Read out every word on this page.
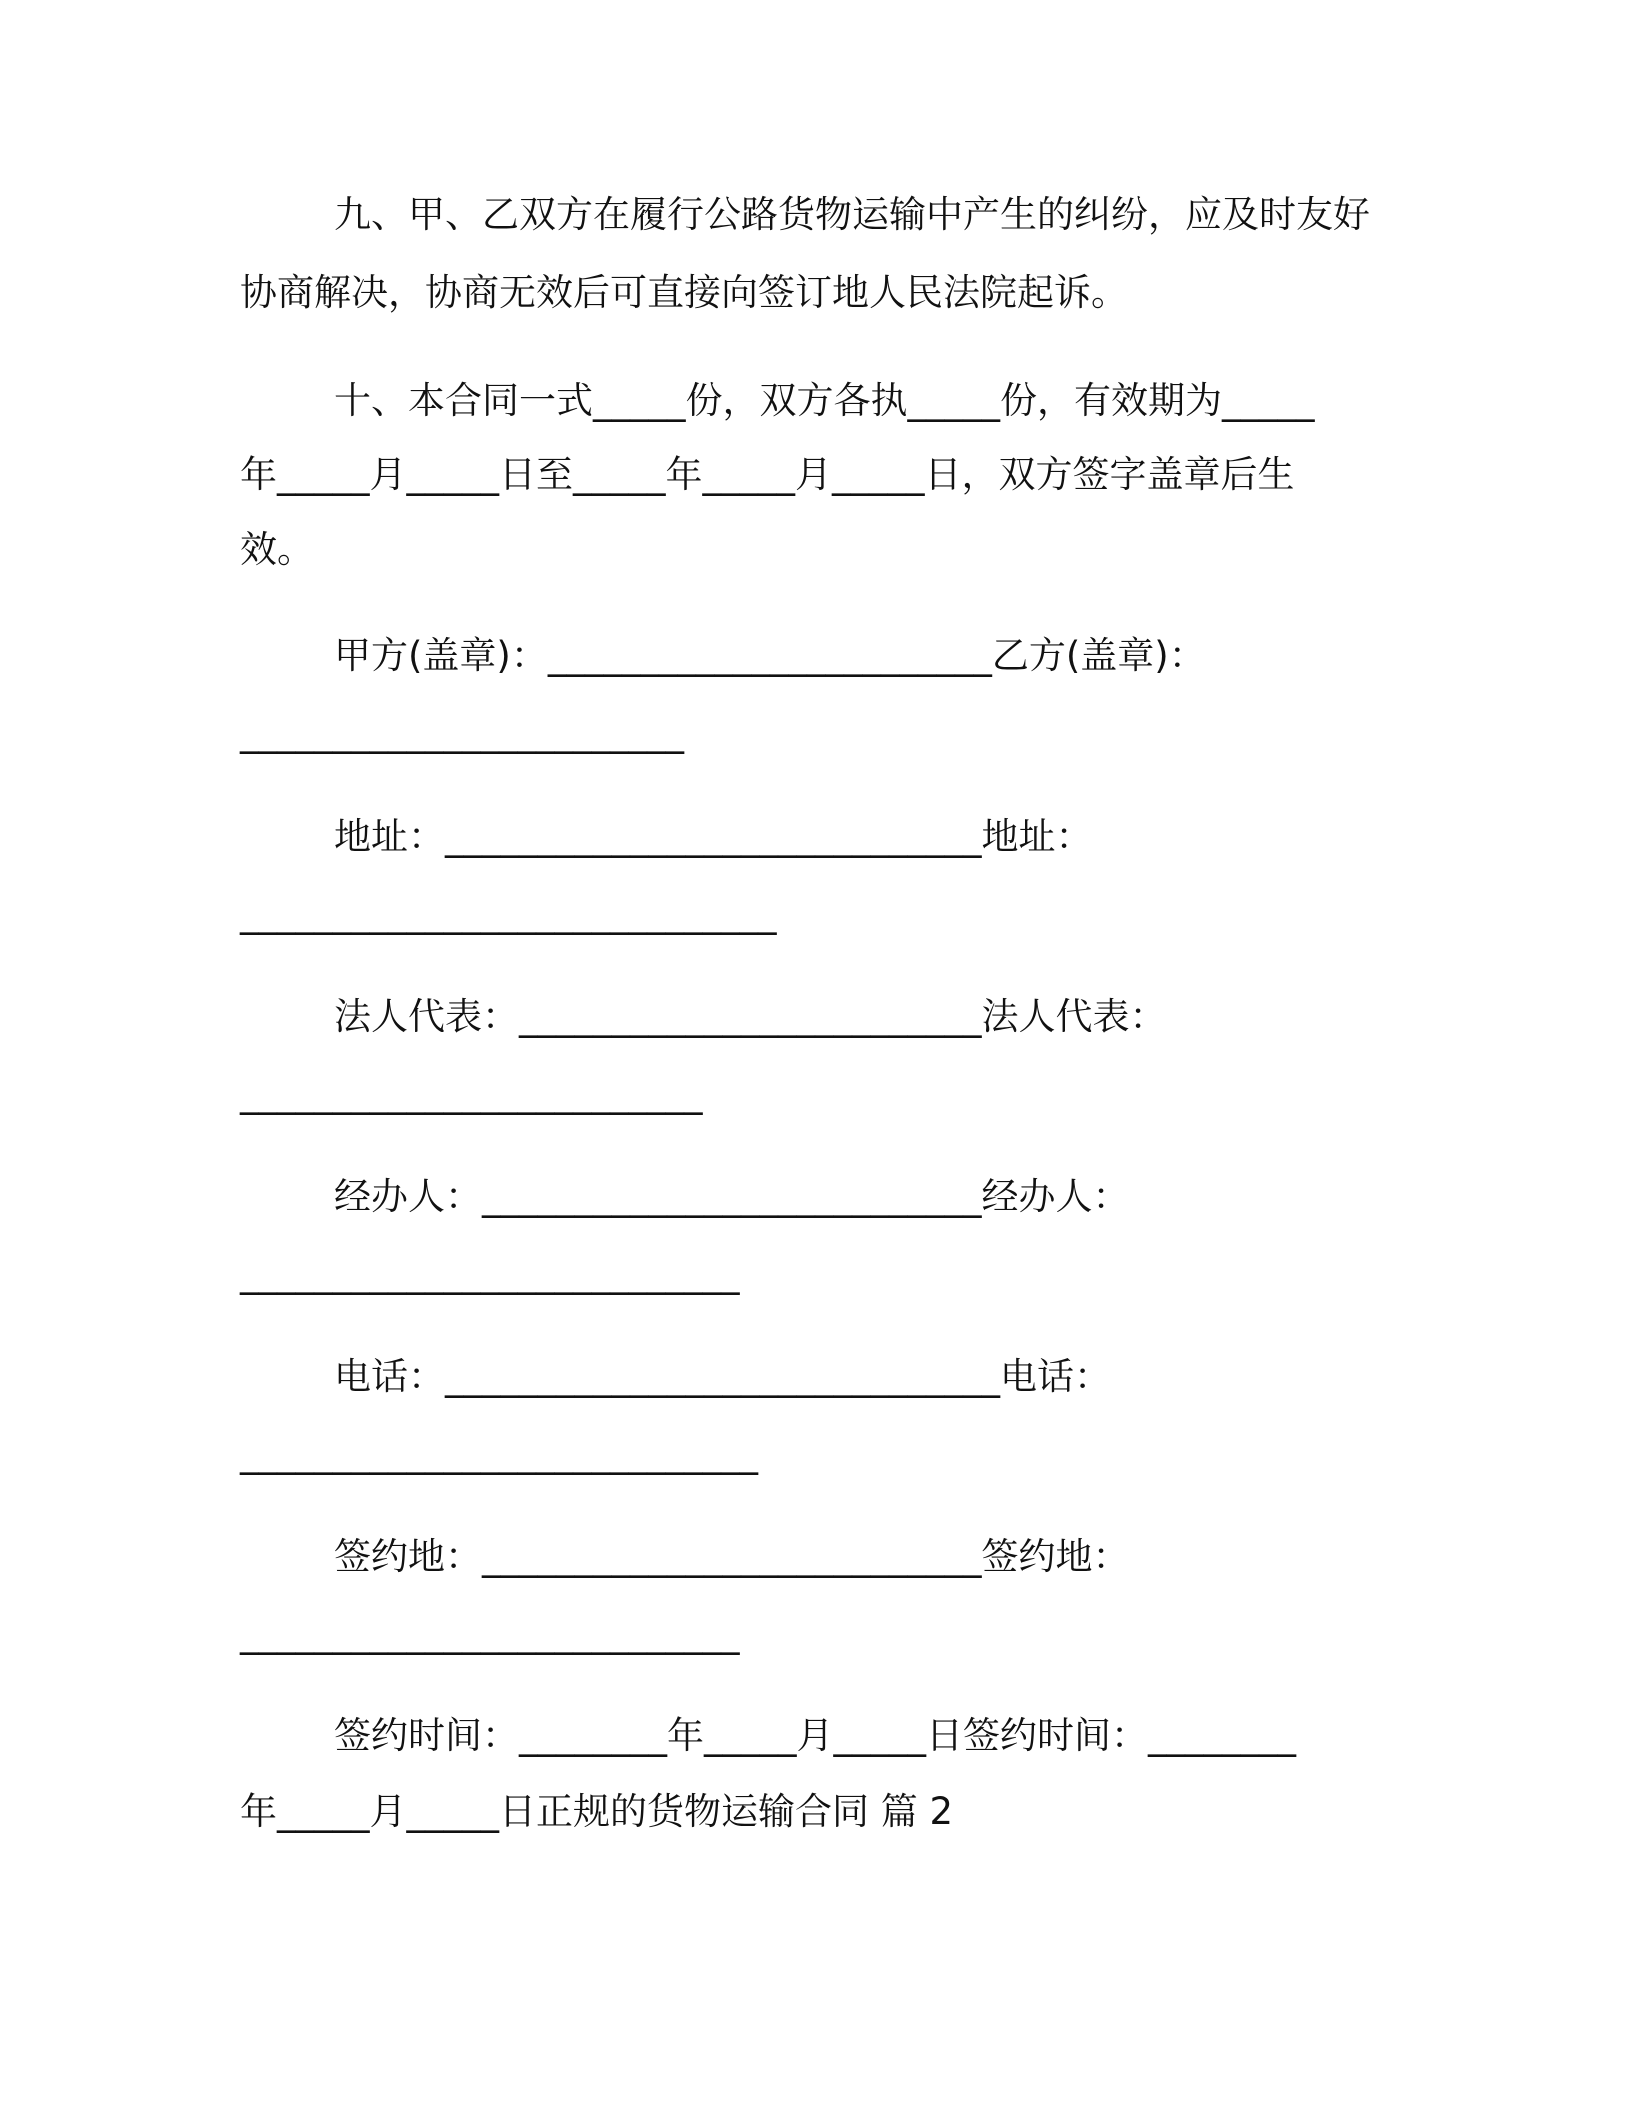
九、甲、乙双方在履行公路货物运输中产生的纠纷，应及时友好
协商解决，协商无效后可直接向签订地人民法院起诉。
十、本合同一式_____份，双方各执_____份，有效期为_____
年_____月_____日至_____年_____月_____日，双方签字盖章后生
效。
甲方(盖章)：________________________乙方(盖章)：
________________________
地址：_____________________________地址：
_____________________________
法人代表：_________________________法人代表：
_________________________
经办人：___________________________经办人：
___________________________
电话：______________________________电话：
____________________________
签约地：___________________________签约地：
___________________________
签约时间：________年_____月_____日签约时间：________
年_____月_____日正规的货物运输合同 篇 2
